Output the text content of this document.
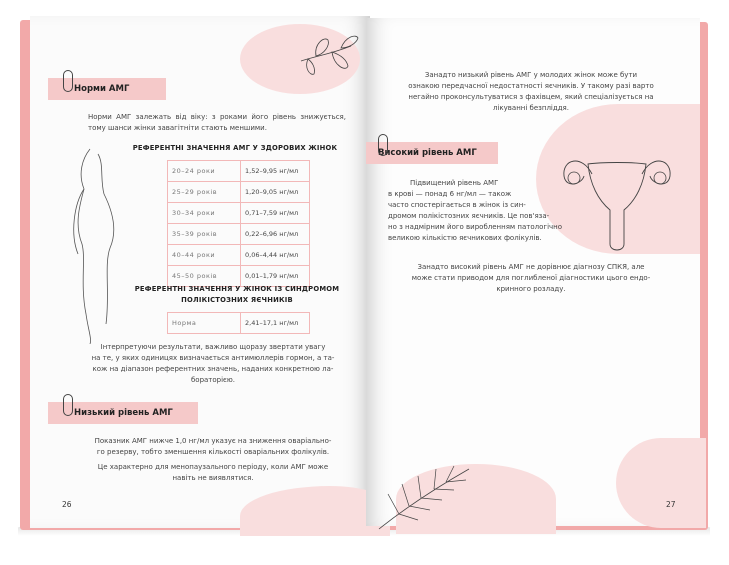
Норми АМГ
Норми АМГ залежать від віку: з роками його рівень знижується, тому шанси жінки завагітніти стають меншими.
РЕФЕРЕНТНІ ЗНАЧЕННЯ АМГ У ЗДОРОВИХ ЖІНОК
20–24 роки	1,52–9,95 нг/мл
25–29 років	1,20–9,05 нг/мл
30–34 роки	0,71–7,59 нг/мл
35–39 років	0,22–6,96 нг/мл
40–44 роки	0,06–4,44 нг/мл
45–50 років	0,01–1,79 нг/мл
РЕФЕРЕНТНІ ЗНАЧЕННЯ У ЖІНОК ІЗ СИНДРОМОМ
ПОЛІКІСТОЗНИХ ЯЄЧНИКІВ
Норма	2,41–17,1 нг/мл
Інтерпретуючи результати, важливо щоразу звертати увагу
на те, у яких одиницях визначається антимюллерів гормон, а та-
кож на діапазон референтних значень, наданих конкретною ла-
бораторією.
Низький рівень АМГ
Показник АМГ нижче 1,0 нг/мл указує на зниження оваріально-
го резерву, тобто зменшення кількості оваріальних фолікулів.
Це характерно для менопаузального періоду, коли АМГ може
навіть не виявлятися.
26
Занадто низький рівень АМГ у молодих жінок може бути
ознакою передчасної недостатності яєчників. У такому разі варто
негайно проконсультуватися з фахівцем, який спеціалізується на
лікуванні безпліддя.
Високий рівень АМГ
Підвищений рівень АМГ
в крові — понад 6 нг/мл — також
часто спостерігається в жінок із син-
дромом полікістозних яєчників. Це пов'яза-
но з надмірним його виробленням патологічно
великою кількістю яєчникових фолікулів.
Занадто високий рівень АМГ не дорівнює діагнозу СПКЯ, але
може стати приводом для поглибленої діагностики цього ендо-
кринного розладу.
27
